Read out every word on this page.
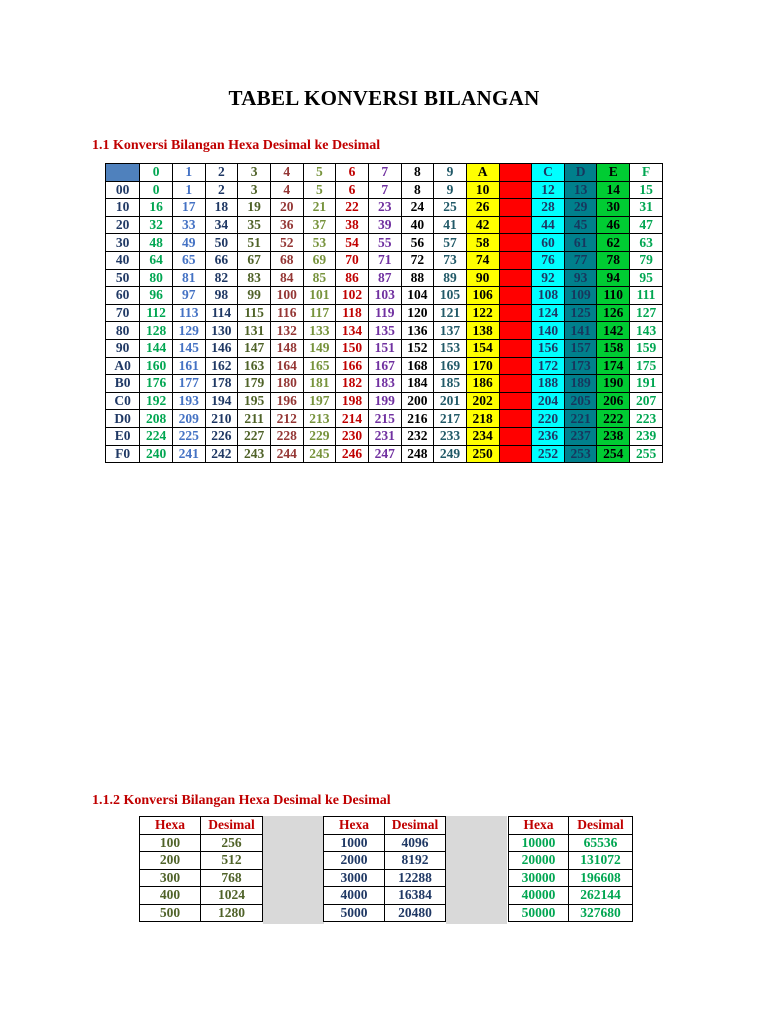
TABEL KONVERSI BILANGAN
1.1 Konversi Bilangan Hexa Desimal ke Desimal
	0	1	2	3	4	5	6	7	8	9	A	B	C	D	E	F
00	0	1	2	3	4	5	6	7	8	9	10	11	12	13	14	15
10	16	17	18	19	20	21	22	23	24	25	26	27	28	29	30	31
20	32	33	34	35	36	37	38	39	40	41	42	43	44	45	46	47
30	48	49	50	51	52	53	54	55	56	57	58	59	60	61	62	63
40	64	65	66	67	68	69	70	71	72	73	74	75	76	77	78	79
50	80	81	82	83	84	85	86	87	88	89	90	91	92	93	94	95
60	96	97	98	99	100	101	102	103	104	105	106	107	108	109	110	111
70	112	113	114	115	116	117	118	119	120	121	122	123	124	125	126	127
80	128	129	130	131	132	133	134	135	136	137	138	139	140	141	142	143
90	144	145	146	147	148	149	150	151	152	153	154	155	156	157	158	159
A0	160	161	162	163	164	165	166	167	168	169	170	171	172	173	174	175
B0	176	177	178	179	180	181	182	183	184	185	186	187	188	189	190	191
C0	192	193	194	195	196	197	198	199	200	201	202	203	204	205	206	207
D0	208	209	210	211	212	213	214	215	216	217	218	219	220	221	222	223
E0	224	225	226	227	228	229	230	231	232	233	234	235	236	237	238	239
F0	240	241	242	243	244	245	246	247	248	249	250	251	252	253	254	255
1.1.2 Konversi Bilangan Hexa Desimal ke Desimal
Hexa	Desimal
100	256
200	512
300	768
400	1024
500	1280
Hexa	Desimal
1000	4096
2000	8192
3000	12288
4000	16384
5000	20480
Hexa	Desimal
10000	65536
20000	131072
30000	196608
40000	262144
50000	327680
